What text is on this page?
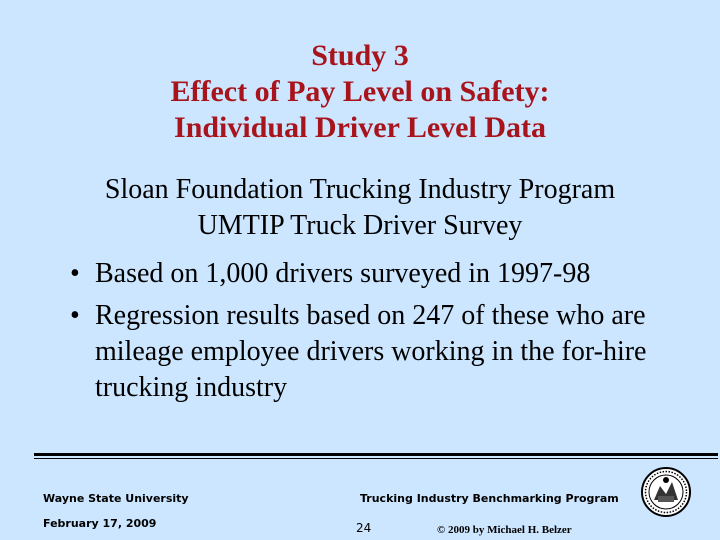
Study 3
Effect of Pay Level on Safety:
Individual Driver Level Data
Sloan Foundation Trucking Industry Program
UMTIP Truck Driver Survey
• Based on 1,000 drivers surveyed in 1997-98
• Regression results based on 247 of these who are mileage employee drivers working in the for-hire trucking industry
Wayne State University
February 17, 2009
Trucking Industry Benchmarking Program
24	© 2009 by Michael H. Belzer
